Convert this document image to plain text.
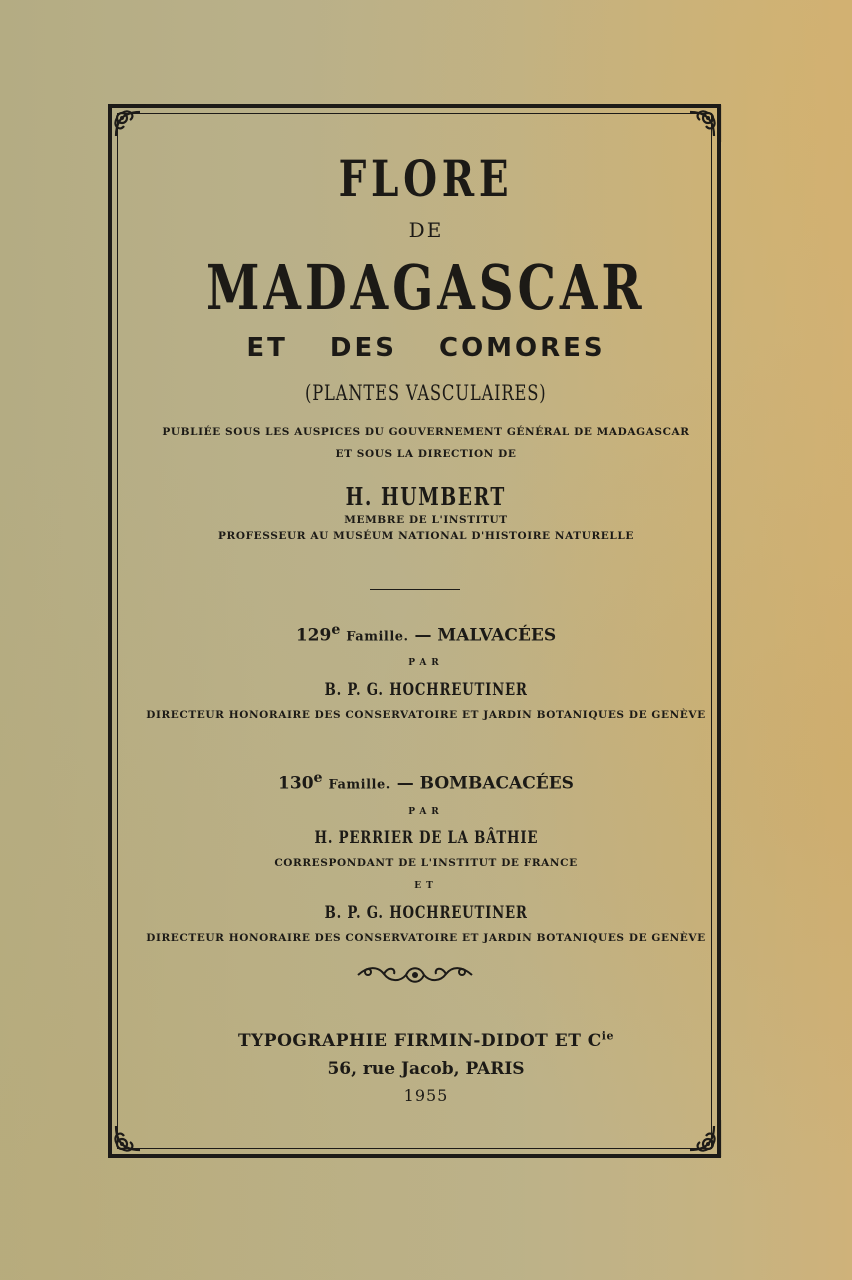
FLORE
DE
MADAGASCAR
ET DES COMORES
(PLANTES VASCULAIRES)
PUBLIÉE SOUS LES AUSPICES DU GOUVERNEMENT GÉNÉRAL DE MADAGASCAR
ET SOUS LA DIRECTION DE
H. HUMBERT
MEMBRE DE L'INSTITUT
PROFESSEUR AU MUSÉUM NATIONAL D'HISTOIRE NATURELLE
129e Famille. — MALVACÉES
PAR
B. P. G. HOCHREUTINER
DIRECTEUR HONORAIRE DES CONSERVATOIRE ET JARDIN BOTANIQUES DE GENÈVE
130e Famille. — BOMBACACÉES
PAR
H. PERRIER DE LA BÂTHIE
CORRESPONDANT DE L'INSTITUT DE FRANCE
ET
B. P. G. HOCHREUTINER
DIRECTEUR HONORAIRE DES CONSERVATOIRE ET JARDIN BOTANIQUES DE GENÈVE
TYPOGRAPHIE FIRMIN-DIDOT ET $C^{ie}$
56, rue Jacob, PARIS
1955
